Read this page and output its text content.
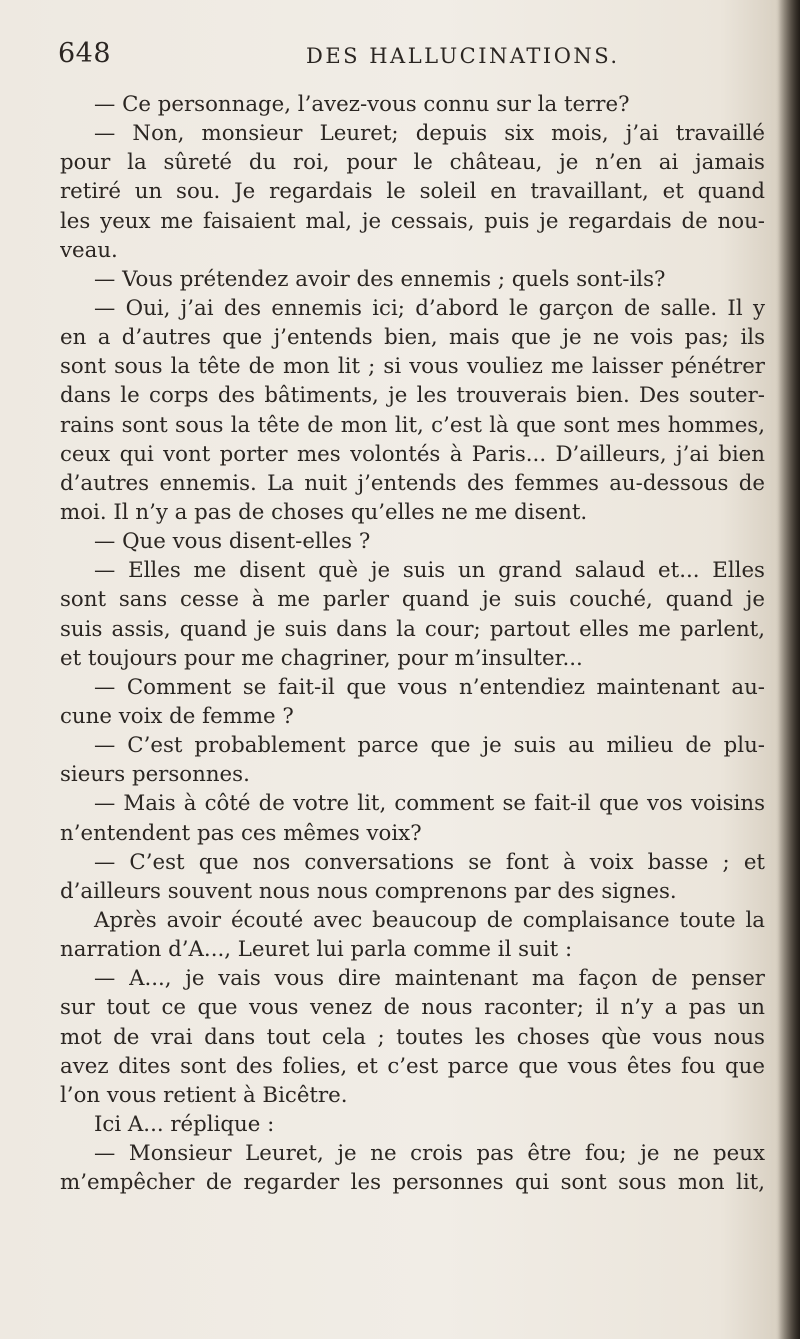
648	DES HALLUCINATIONS.
— Ce personnage, l’avez-vous connu sur la terre?
— Non, monsieur Leuret; depuis six mois, j’ai travaillé
pour la sûreté du roi, pour le château, je n’en ai jamais
retiré un sou. Je regardais le soleil en travaillant, et quand
les yeux me faisaient mal, je cessais, puis je regardais de nou-
veau.
— Vous prétendez avoir des ennemis ; quels sont-ils?
— Oui, j’ai des ennemis ici; d’abord le garçon de salle. Il y
en a d’autres que j’entends bien, mais que je ne vois pas; ils
sont sous la tête de mon lit ; si vous vouliez me laisser pénétrer
dans le corps des bâtiments, je les trouverais bien. Des souter-
rains sont sous la tête de mon lit, c’est là que sont mes hommes,
ceux qui vont porter mes volontés à Paris... D’ailleurs, j’ai bien
d’autres ennemis. La nuit j’entends des femmes au-dessous de
moi. Il n’y a pas de choses qu’elles ne me disent.
— Que vous disent-elles ?
— Elles me disent què je suis un grand salaud et... Elles
sont sans cesse à me parler quand je suis couché, quand je
suis assis, quand je suis dans la cour; partout elles me parlent,
et toujours pour me chagriner, pour m’insulter...
— Comment se fait-il que vous n’entendiez maintenant au-
cune voix de femme ?
— C’est probablement parce que je suis au milieu de plu-
sieurs personnes.
— Mais à côté de votre lit, comment se fait-il que vos voisins
n’entendent pas ces mêmes voix?
— C’est que nos conversations se font à voix basse ; et
d’ailleurs souvent nous nous comprenons par des signes.
Après avoir écouté avec beaucoup de complaisance toute la
narration d’A..., Leuret lui parla comme il suit :
— A..., je vais vous dire maintenant ma façon de penser
sur tout ce que vous venez de nous raconter; il n’y a pas un
mot de vrai dans tout cela ; toutes les choses qùe vous nous
avez dites sont des folies, et c’est parce que vous êtes fou que
l’on vous retient à Bicêtre.
Ici A... réplique :
— Monsieur Leuret, je ne crois pas être fou; je ne peux
m’empêcher de regarder les personnes qui sont sous mon lit,
